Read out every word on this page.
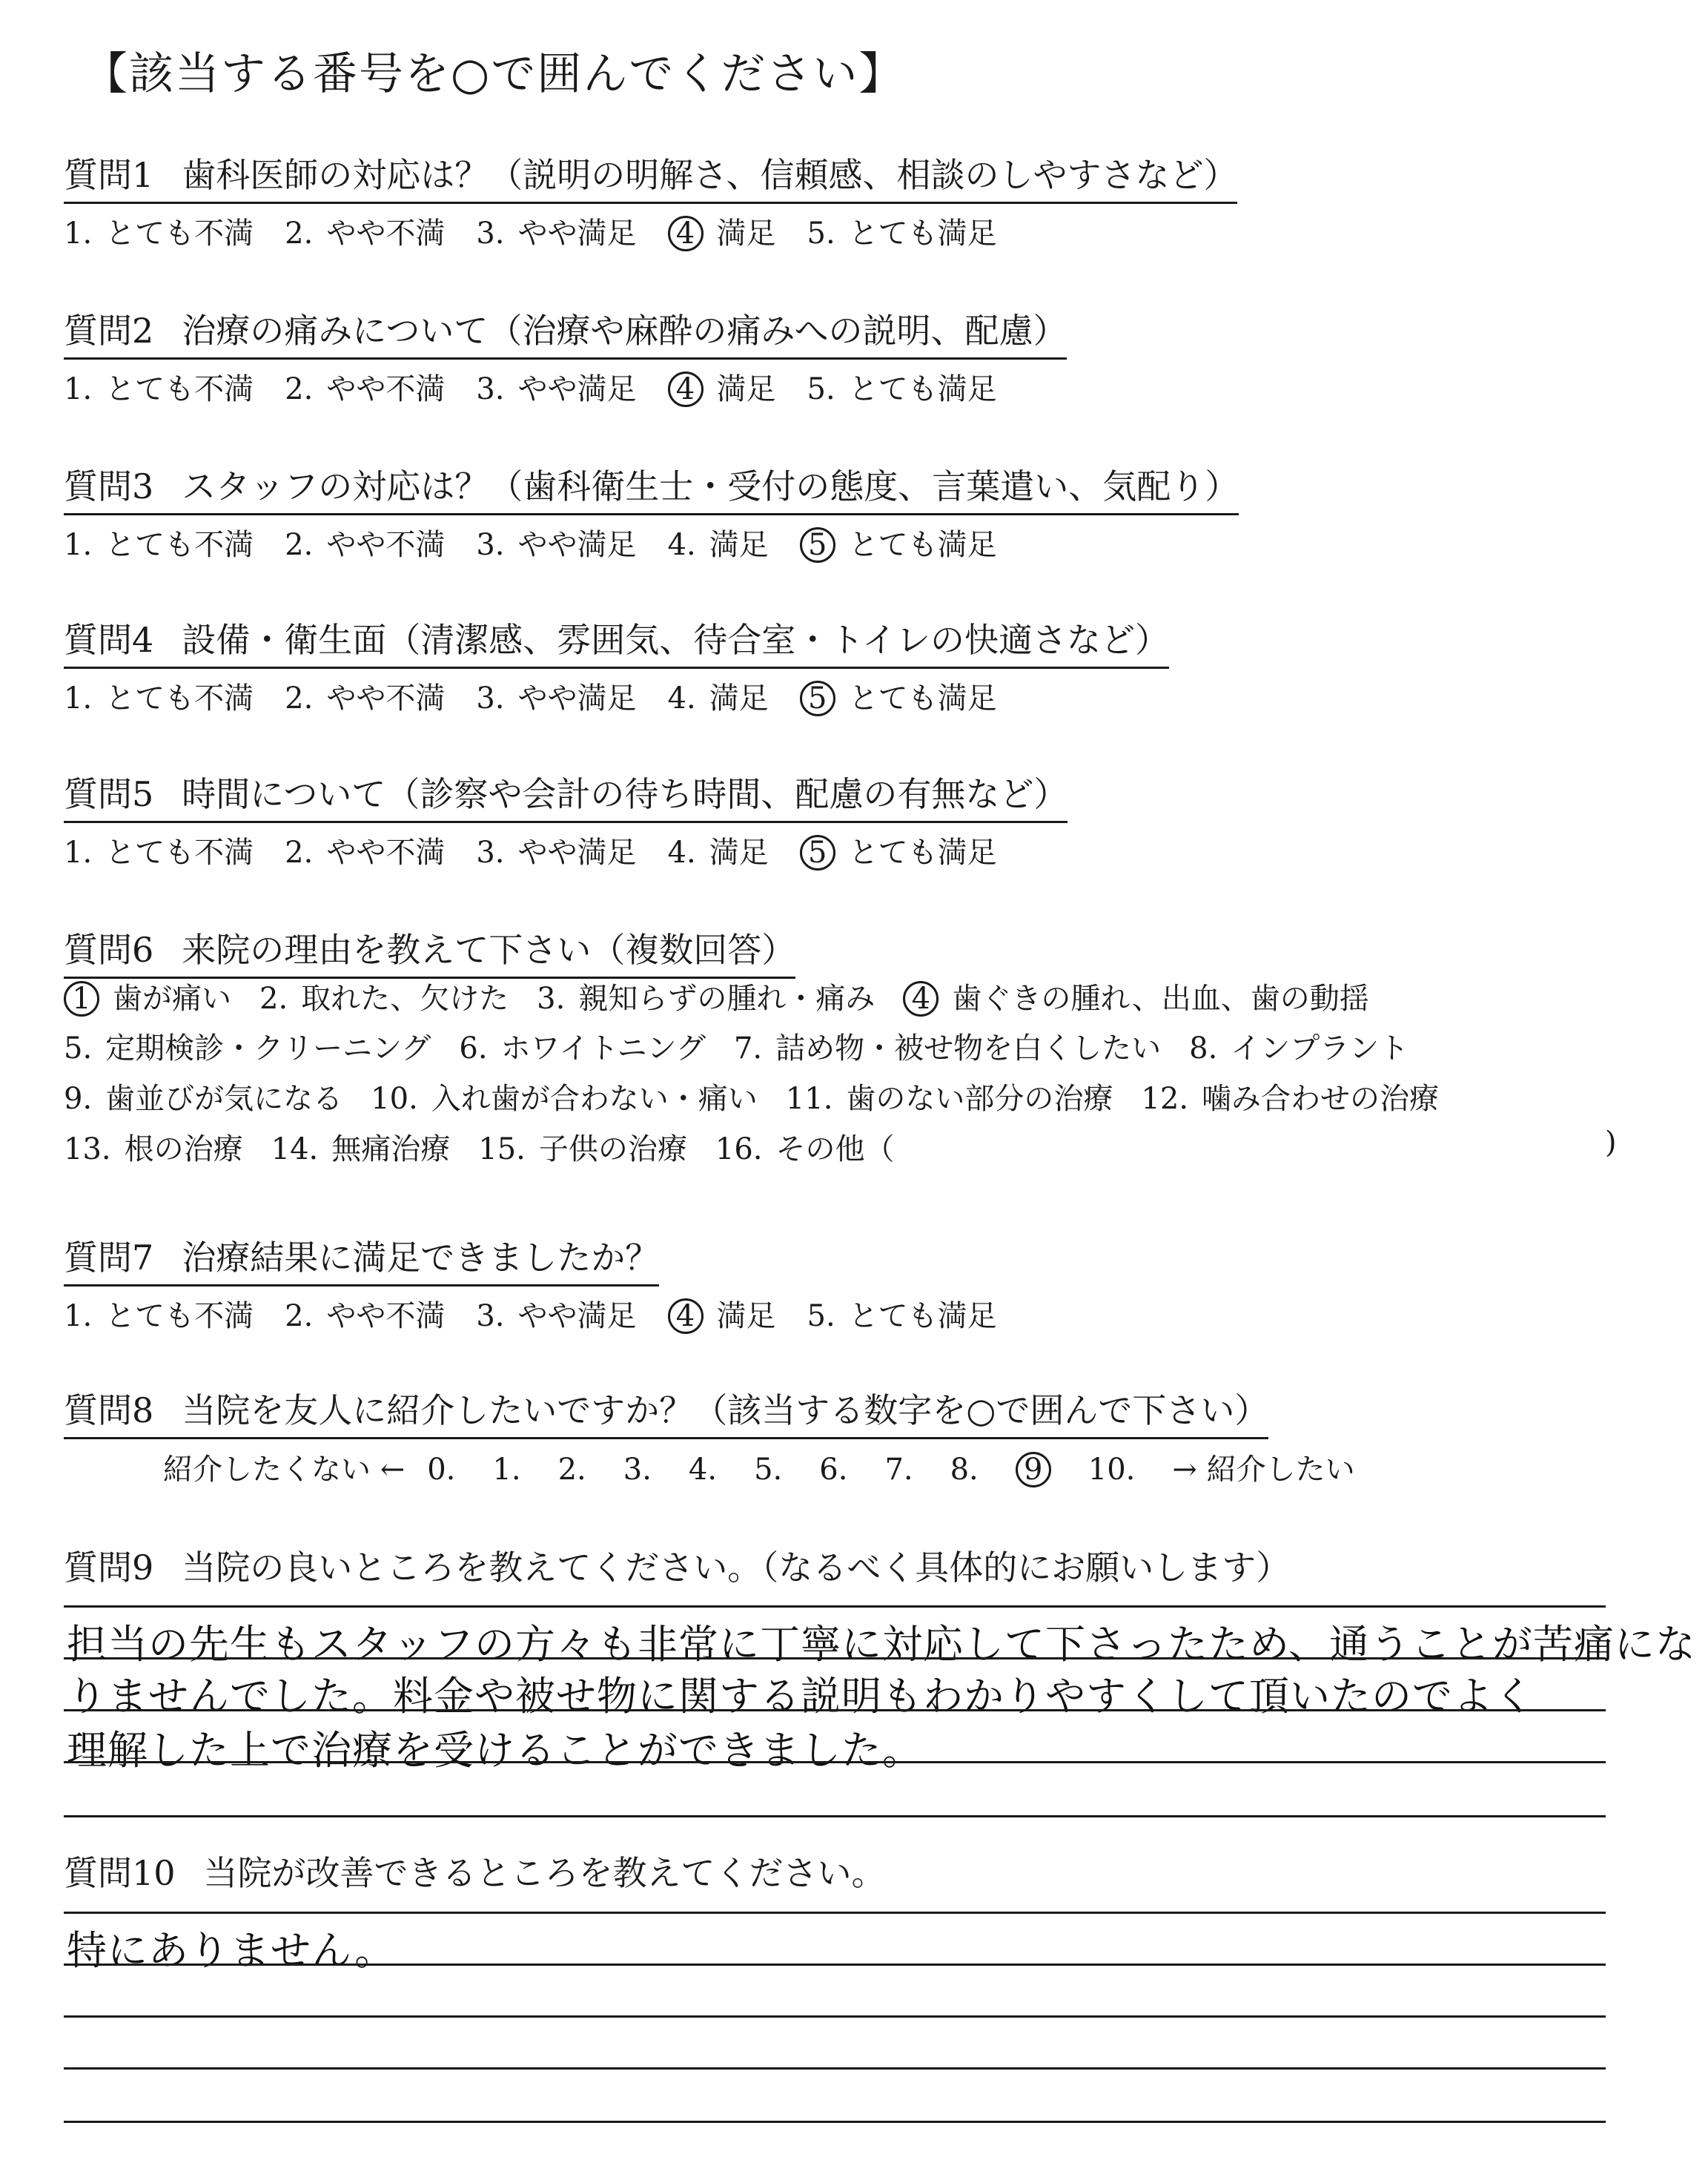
【該当する番号を○で囲んでください】
質問1 歯科医師の対応は？（説明の明解さ、信頼感、相談のしやすさなど）
1. とても不満 2. やや不満 3. やや満足 4 満足 5. とても満足
質問2 治療の痛みについて（治療や麻酔の痛みへの説明、配慮）
1. とても不満 2. やや不満 3. やや満足 4 満足 5. とても満足
質問3 スタッフの対応は？（歯科衛生士・受付の態度、言葉遣い、気配り）
1. とても不満 2. やや不満 3. やや満足 4. 満足 5 とても満足
質問4 設備・衛生面（清潔感、雰囲気、待合室・トイレの快適さなど）
1. とても不満 2. やや不満 3. やや満足 4. 満足 5 とても満足
質問5 時間について（診察や会計の待ち時間、配慮の有無など）
1. とても不満 2. やや不満 3. やや満足 4. 満足 5 とても満足
質問6 来院の理由を教えて下さい（複数回答）
1 歯が痛い 2. 取れた、欠けた 3. 親知らずの腫れ・痛み 4 歯ぐきの腫れ、出血、歯の動揺
5. 定期検診・クリーニング 6. ホワイトニング 7. 詰め物・被せ物を白くしたい 8. インプラント
9. 歯並びが気になる 10. 入れ歯が合わない・痛い 11. 歯のない部分の治療 12. 噛み合わせの治療
13. 根の治療 14. 無痛治療 15. 子供の治療 16. その他（	)
質問7 治療結果に満足できましたか？
1. とても不満 2. やや不満 3. やや満足 4 満足 5. とても満足
質問8 当院を友人に紹介したいですか？（該当する数字を○で囲んで下さい）
紹介したくない ← 0. 1. 2. 3. 4. 5. 6. 7. 8. 9 10. → 紹介したい
質問9 当院の良いところを教えてください。（なるべく具体的にお願いします）
担当の先生もスタッフの方々も非常に丁寧に対応して下さったため、通うことが苦痛にな
りませんでした。料金や被せ物に関する説明もわかりやすくして頂いたのでよく
理解した上で治療を受けることができました。
質問10 当院が改善できるところを教えてください。
特にありません。
